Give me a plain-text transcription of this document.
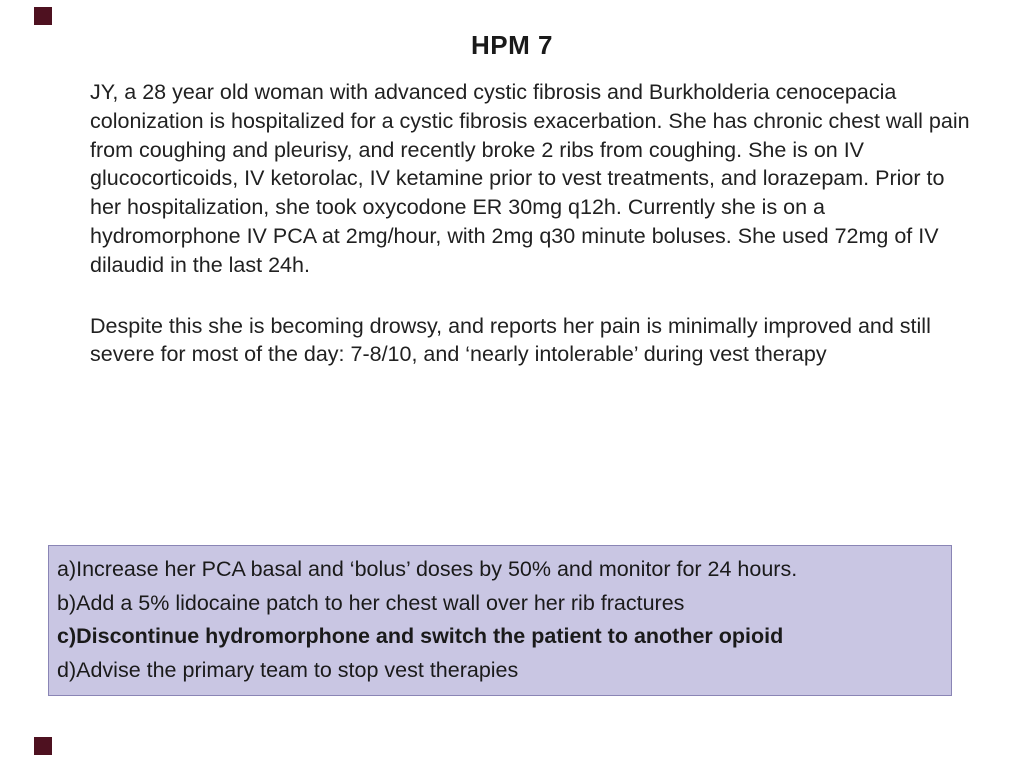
HPM 7

JY, a 28 year old woman with advanced cystic fibrosis and Burkholderia cenocepacia colonization is hospitalized for a cystic fibrosis exacerbation. She has chronic chest wall pain from coughing and pleurisy, and recently broke 2 ribs from coughing. She is on IV glucocorticoids, IV ketorolac, IV ketamine prior to vest treatments, and lorazepam. Prior to her hospitalization, she took oxycodone ER 30mg q12h. Currently she is on a hydromorphone IV PCA at 2mg/hour, with 2mg q30 minute boluses. She used 72mg of IV dilaudid in the last 24h.

Despite this she is becoming drowsy, and reports her pain is minimally improved and still severe for most of the day: 7-8/10, and ‘nearly intolerable’ during vest therapy

a)Increase her PCA basal and ‘bolus’ doses by 50% and monitor for 24 hours.
b)Add a 5% lidocaine patch to her chest wall over her rib fractures
c)Discontinue hydromorphone and switch the patient to another opioid
d)Advise the primary team to stop vest therapies
